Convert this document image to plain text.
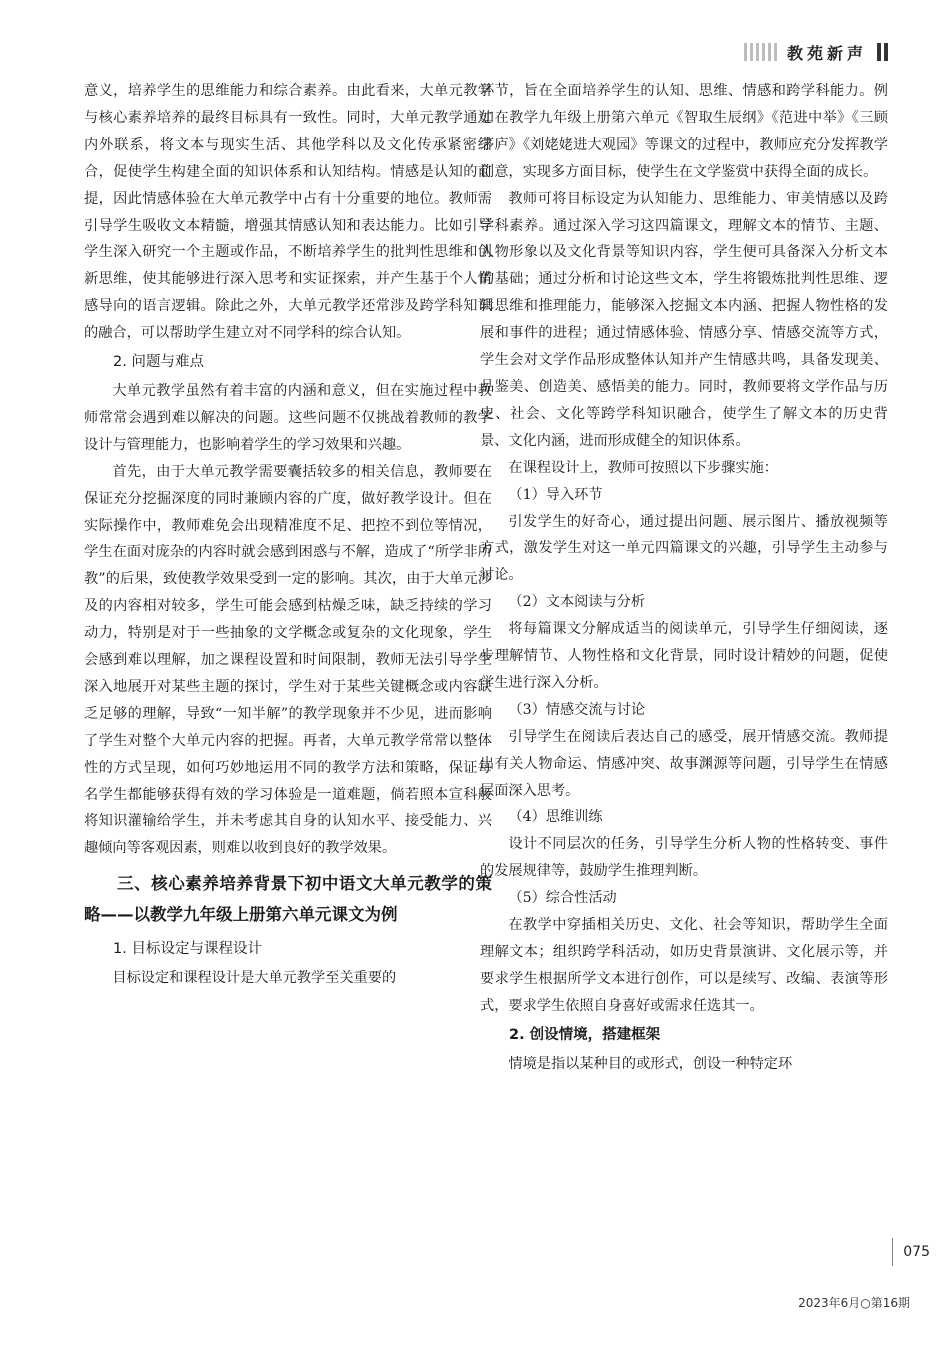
教苑新声

意义，培养学生的思维能力和综合素养。由此看来，大单元教学与核心素养培养的最终目标具有一致性。同时，大单元教学通过内外联系，将文本与现实生活、其他学科以及文化传承紧密结合，促使学生构建全面的知识体系和认知结构。情感是认知的前提，因此情感体验在大单元教学中占有十分重要的地位。教师需引导学生吸收文本精髓，增强其情感认知和表达能力。比如引导学生深入研究一个主题或作品，不断培养学生的批判性思维和创新思维，使其能够进行深入思考和实证探索，并产生基于个人情感导向的语言逻辑。除此之外，大单元教学还常涉及跨学科知识的融合，可以帮助学生建立对不同学科的综合认知。

2. 问题与难点

大单元教学虽然有着丰富的内涵和意义，但在实施过程中教师常常会遇到难以解决的问题。这些问题不仅挑战着教师的教学设计与管理能力，也影响着学生的学习效果和兴趣。

首先，由于大单元教学需要囊括较多的相关信息，教师要在保证充分挖掘深度的同时兼顾内容的广度，做好教学设计。但在实际操作中，教师难免会出现精准度不足、把控不到位等情况，学生在面对庞杂的内容时就会感到困惑与不解，造成了“所学非所教”的后果，致使教学效果受到一定的影响。其次，由于大单元涉及的内容相对较多，学生可能会感到枯燥乏味，缺乏持续的学习动力，特别是对于一些抽象的文学概念或复杂的文化现象，学生会感到难以理解，加之课程设置和时间限制，教师无法引导学生深入地展开对某些主题的探讨，学生对于某些关键概念或内容缺乏足够的理解，导致“一知半解”的教学现象并不少见，进而影响了学生对整个大单元内容的把握。再者，大单元教学常常以整体性的方式呈现，如何巧妙地运用不同的教学方法和策略，保证每名学生都能够获得有效的学习体验是一道难题，倘若照本宣科般将知识灌输给学生，并未考虑其自身的认知水平、接受能力、兴趣倾向等客观因素，则难以收到良好的教学效果。

三、核心素养培养背景下初中语文大单元教学的策略——以教学九年级上册第六单元课文为例

1. 目标设定与课程设计

目标设定和课程设计是大单元教学至关重要的

环节，旨在全面培养学生的认知、思维、情感和跨学科能力。例如在教学九年级上册第六单元《智取生辰纲》《范进中举》《三顾茅庐》《刘姥姥进大观园》等课文的过程中，教师应充分发挥教学创意，实现多方面目标，使学生在文学鉴赏中获得全面的成长。

教师可将目标设定为认知能力、思维能力、审美情感以及跨学科素养。通过深入学习这四篇课文，理解文本的情节、主题、人物形象以及文化背景等知识内容，学生便可具备深入分析文本的基础；通过分析和讨论这些文本，学生将锻炼批判性思维、逻辑思维和推理能力，能够深入挖掘文本内涵、把握人物性格的发展和事件的进程；通过情感体验、情感分享、情感交流等方式，学生会对文学作品形成整体认知并产生情感共鸣，具备发现美、品鉴美、创造美、感悟美的能力。同时，教师要将文学作品与历史、社会、文化等跨学科知识融合，使学生了解文本的历史背景、文化内涵，进而形成健全的知识体系。

在课程设计上，教师可按照以下步骤实施：

（1）导入环节

引发学生的好奇心，通过提出问题、展示图片、播放视频等方式，激发学生对这一单元四篇课文的兴趣，引导学生主动参与讨论。

（2）文本阅读与分析

将每篇课文分解成适当的阅读单元，引导学生仔细阅读，逐步理解情节、人物性格和文化背景，同时设计精妙的问题，促使学生进行深入分析。

（3）情感交流与讨论

引导学生在阅读后表达自己的感受，展开情感交流。教师提出有关人物命运、情感冲突、故事渊源等问题，引导学生在情感层面深入思考。

（4）思维训练

设计不同层次的任务，引导学生分析人物的性格转变、事件的发展规律等，鼓励学生推理判断。

（5）综合性活动

在教学中穿插相关历史、文化、社会等知识，帮助学生全面理解文本；组织跨学科活动，如历史背景演讲、文化展示等，并要求学生根据所学文本进行创作，可以是续写、改编、表演等形式，要求学生依照自身喜好或需求任选其一。

2. 创设情境，搭建框架

情境是指以某种目的或形式，创设一种特定环

075
2023年6月○第16期
